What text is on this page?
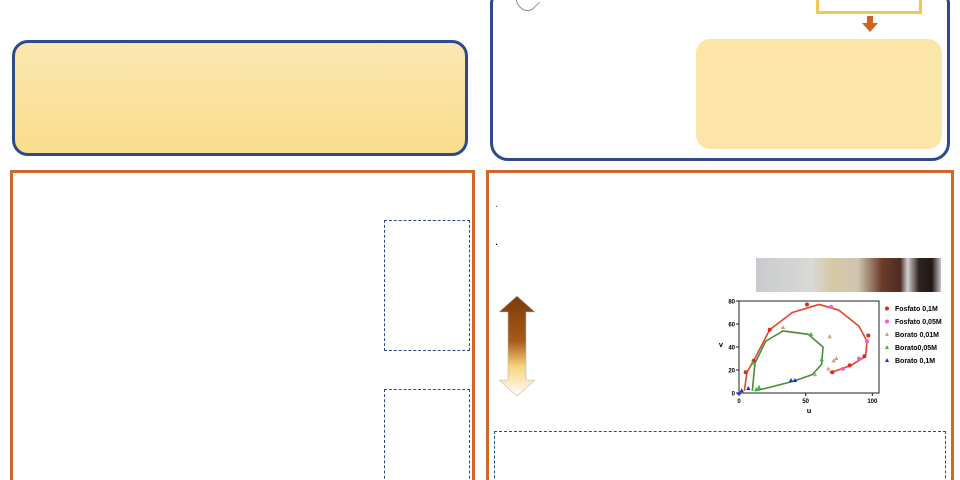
·
·
0
20
40
60
80
0	50	100
u
v
Fosfato 0,1M
Fosfato 0,05M
Borato 0,01M
Borato0,05M
Borato 0,1M
